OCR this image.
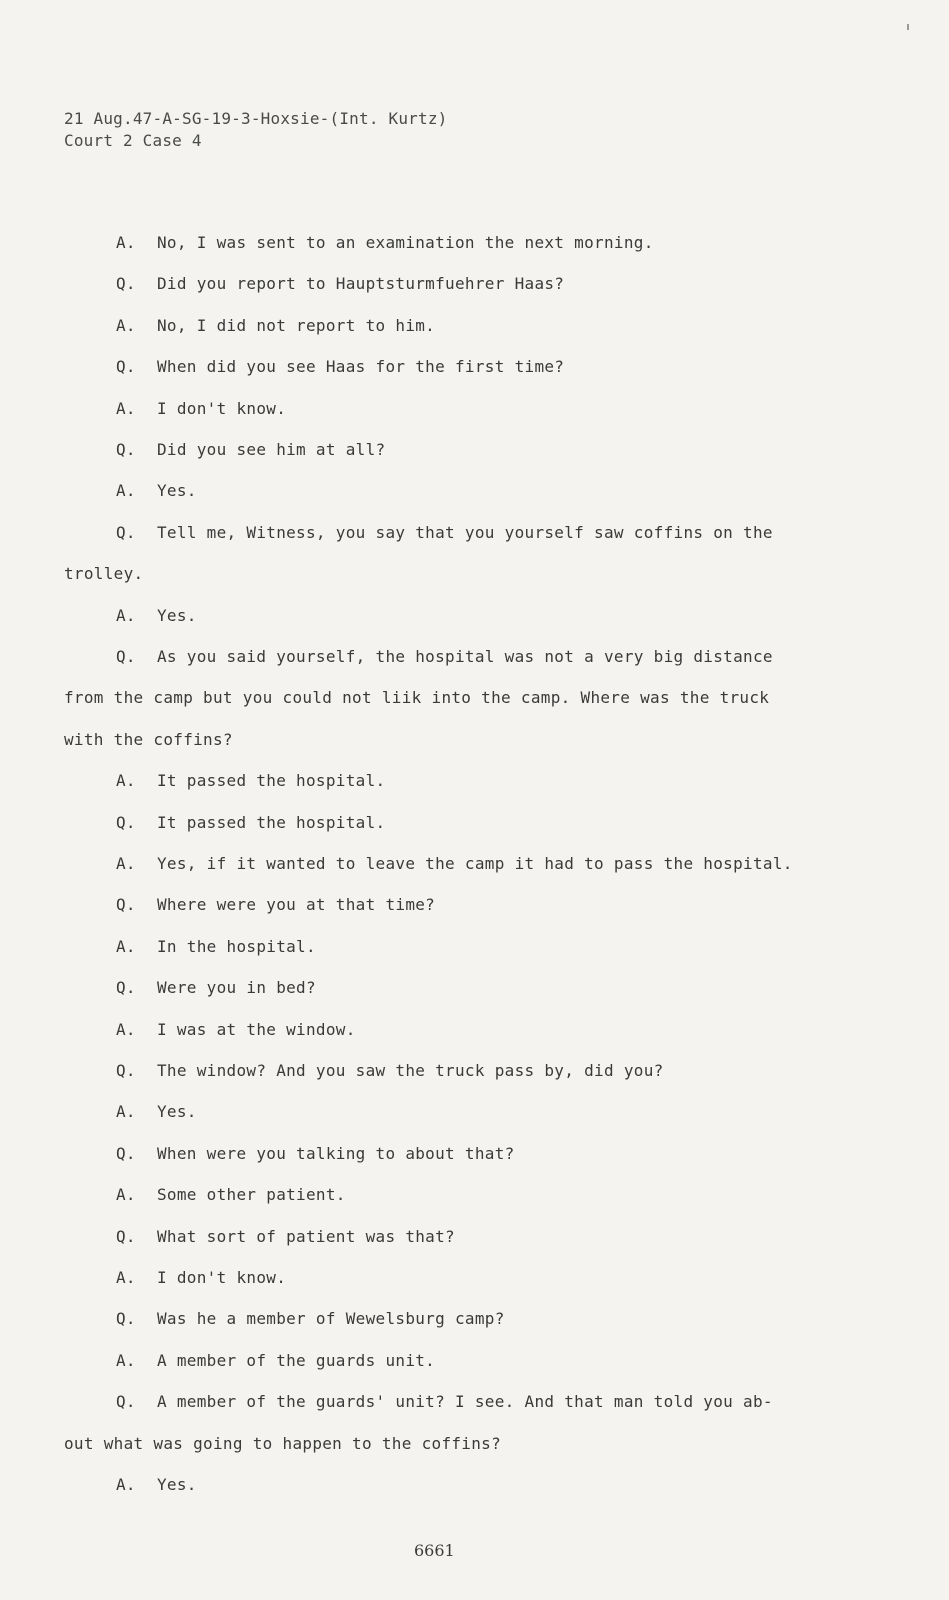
21 Aug.47-A-SG-19-3-Hoxsie-(Int. Kurtz)
Court 2 Case 4
A.	No, I was sent to an examination the next morning.
Q.	Did you report to Hauptsturmfuehrer Haas?
A.	No, I did not report to him.
Q.	When did you see Haas for the first time?
A.	I don't know.
Q.	Did you see him at all?
A.	Yes.
Q.	Tell me, Witness, you say that you yourself saw coffins on the
trolley.
A.	Yes.
Q.	As you said yourself, the hospital was not a very big distance
from the camp but you could not liik into the camp. Where was the truck
with the coffins?
A.	It passed the hospital.
Q.	It passed the hospital.
A.	Yes, if it wanted to leave the camp it had to pass the hospital.
Q.	Where were you at that time?
A.	In the hospital.
Q.	Were you in bed?
A.	I was at the window.
Q.	The window? And you saw the truck pass by, did you?
A.	Yes.
Q.	When were you talking to about that?
A.	Some other patient.
Q.	What sort of patient was that?
A.	I don't know.
Q.	Was he a member of Wewelsburg camp?
A.	A member of the guards unit.
Q.	A member of the guards' unit? I see. And that man told you ab-
out what was going to happen to the coffins?
A.	Yes.
6661
